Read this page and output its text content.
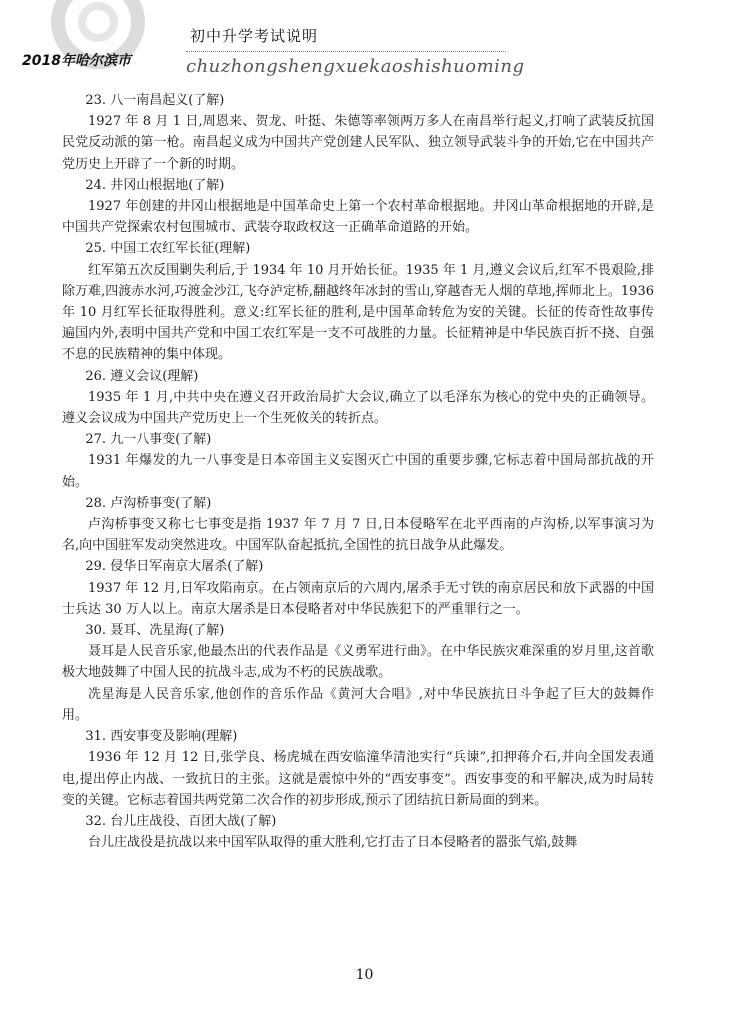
初中升学考试说明
2018年哈尔滨市	chuzhongshengxuekaoshishuoming

23. 八一南昌起义(了解)

1927 年 8 月 1 日,周恩来、贺龙、叶挺、朱德等率领两万多人在南昌举行起义,打响了武装反抗国民党反动派的第一枪。南昌起义成为中国共产党创建人民军队、独立领导武装斗争的开始,它在中国共产党历史上开辟了一个新的时期。

24. 井冈山根据地(了解)

1927 年创建的井冈山根据地是中国革命史上第一个农村革命根据地。井冈山革命根据地的开辟,是中国共产党探索农村包围城市、武装夺取政权这一正确革命道路的开始。

25. 中国工农红军长征(理解)

红军第五次反围剿失利后,于 1934 年 10 月开始长征。1935 年 1 月,遵义会议后,红军不畏艰险,排除万难,四渡赤水河,巧渡金沙江,飞夺泸定桥,翻越终年冰封的雪山,穿越杳无人烟的草地,挥师北上。1936 年 10 月红军长征取得胜利。意义:红军长征的胜利,是中国革命转危为安的关键。长征的传奇性故事传遍国内外,表明中国共产党和中国工农红军是一支不可战胜的力量。长征精神是中华民族百折不挠、自强不息的民族精神的集中体现。

26. 遵义会议(理解)

1935 年 1 月,中共中央在遵义召开政治局扩大会议,确立了以毛泽东为核心的党中央的正确领导。遵义会议成为中国共产党历史上一个生死攸关的转折点。

27. 九一八事变(了解)

1931 年爆发的九一八事变是日本帝国主义妄图灭亡中国的重要步骤,它标志着中国局部抗战的开始。

28. 卢沟桥事变(了解)

卢沟桥事变又称七七事变是指 1937 年 7 月 7 日,日本侵略军在北平西南的卢沟桥,以军事演习为名,向中国驻军发动突然进攻。中国军队奋起抵抗,全国性的抗日战争从此爆发。

29. 侵华日军南京大屠杀(了解)

1937 年 12 月,日军攻陷南京。在占领南京后的六周内,屠杀手无寸铁的南京居民和放下武器的中国士兵达 30 万人以上。南京大屠杀是日本侵略者对中华民族犯下的严重罪行之一。

30. 聂耳、冼星海(了解)

聂耳是人民音乐家,他最杰出的代表作品是《义勇军进行曲》。在中华民族灾难深重的岁月里,这首歌极大地鼓舞了中国人民的抗战斗志,成为不朽的民族战歌。

冼星海是人民音乐家,他创作的音乐作品《黄河大合唱》,对中华民族抗日斗争起了巨大的鼓舞作用。

31. 西安事变及影响(理解)

1936 年 12 月 12 日,张学良、杨虎城在西安临潼华清池实行“兵谏”,扣押蒋介石,并向全国发表通电,提出停止内战、一致抗日的主张。这就是震惊中外的“西安事变”。西安事变的和平解决,成为时局转变的关键。它标志着国共两党第二次合作的初步形成,预示了团结抗日新局面的到来。

32. 台儿庄战役、百团大战(了解)

台儿庄战役是抗战以来中国军队取得的重大胜利,它打击了日本侵略者的嚣张气焰,鼓舞

10
